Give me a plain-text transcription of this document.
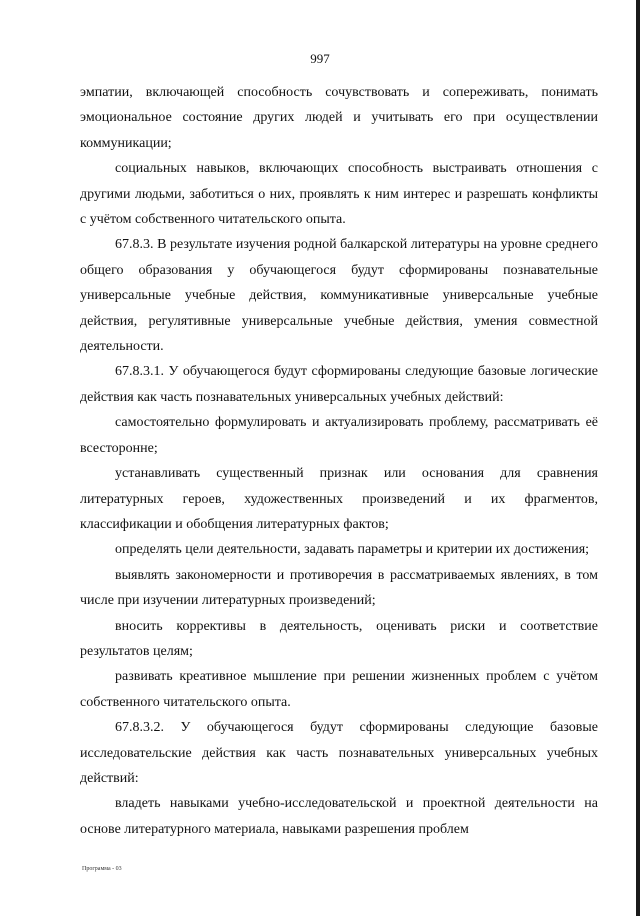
997

эмпатии, включающей способность сочувствовать и сопереживать, понимать эмоциональное состояние других людей и учитывать его при осуществлении коммуникации;

социальных навыков, включающих способность выстраивать отношения с другими людьми, заботиться о них, проявлять к ним интерес и разрешать конфликты с учётом собственного читательского опыта.

67.8.3. В результате изучения родной балкарской литературы на уровне среднего общего образования у обучающегося будут сформированы познавательные универсальные учебные действия, коммуникативные универсальные учебные действия, регулятивные универсальные учебные действия, умения совместной деятельности.

67.8.3.1. У обучающегося будут сформированы следующие базовые логические действия как часть познавательных универсальных учебных действий:

самостоятельно формулировать и актуализировать проблему, рассматривать её всесторонне;

устанавливать существенный признак или основания для сравнения литературных героев, художественных произведений и их фрагментов, классификации и обобщения литературных фактов;

определять цели деятельности, задавать параметры и критерии их достижения;

выявлять закономерности и противоречия в рассматриваемых явлениях, в том числе при изучении литературных произведений;

вносить коррективы в деятельность, оценивать риски и соответствие результатов целям;

развивать креативное мышление при решении жизненных проблем с учётом собственного читательского опыта.

67.8.3.2. У обучающегося будут сформированы следующие базовые исследовательские действия как часть познавательных универсальных учебных действий:

владеть навыками учебно-исследовательской и проектной деятельности на основе литературного материала, навыками разрешения проблем

Программа - 03
